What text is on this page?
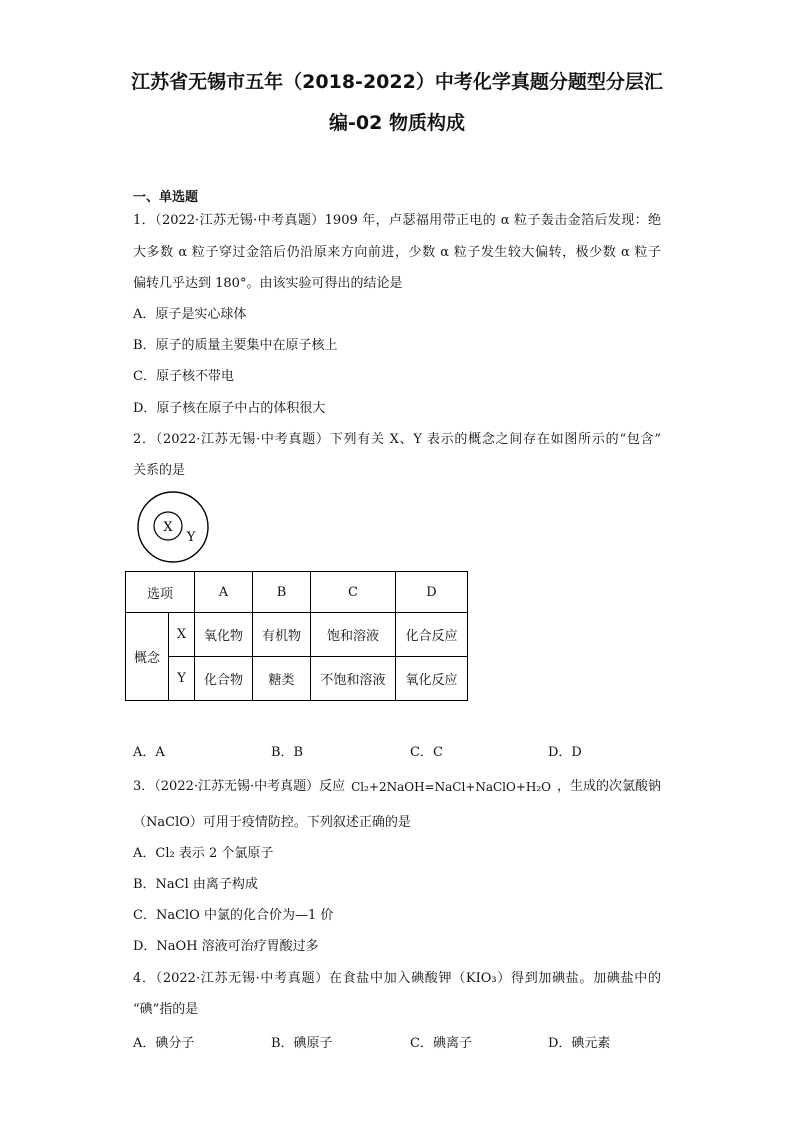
江苏省无锡市五年（2018-2022）中考化学真题分题型分层汇
编-02 物质构成
一、单选题
1．（2022·江苏无锡·中考真题）1909 年，卢瑟福用带正电的 α 粒子轰击金箔后发现：绝
大多数 α 粒子穿过金箔后仍沿原来方向前进，少数 α 粒子发生较大偏转，极少数 α 粒子
偏转几乎达到 180°。由该实验可得出的结论是
A．原子是实心球体
B．原子的质量主要集中在原子核上
C．原子核不带电
D．原子核在原子中占的体积很大
2．（2022·江苏无锡·中考真题）下列有关 X、Y 表示的概念之间存在如图所示的“包含”
关系的是
X
Y
选项		A	B	C	D
概念	X	氧化物	有机物	饱和溶液	化合反应
	Y	化合物	糖类	不饱和溶液	氧化反应
A．A	B．B	C．C	D．D
3．（2022·江苏无锡·中考真题）反应 Cl₂+2NaOH=NaCl+NaClO+H₂O ，生成的次氯酸钠
（NaClO）可用于疫情防控。下列叙述正确的是
A．Cl₂ 表示 2 个氯原子
B．NaCl 由离子构成
C．NaClO 中氯的化合价为—1 价
D．NaOH 溶液可治疗胃酸过多
4．（2022·江苏无锡·中考真题）在食盐中加入碘酸钾（KIO₃）得到加碘盐。加碘盐中的
“碘”指的是
A．碘分子	B．碘原子	C．碘离子	D．碘元素
